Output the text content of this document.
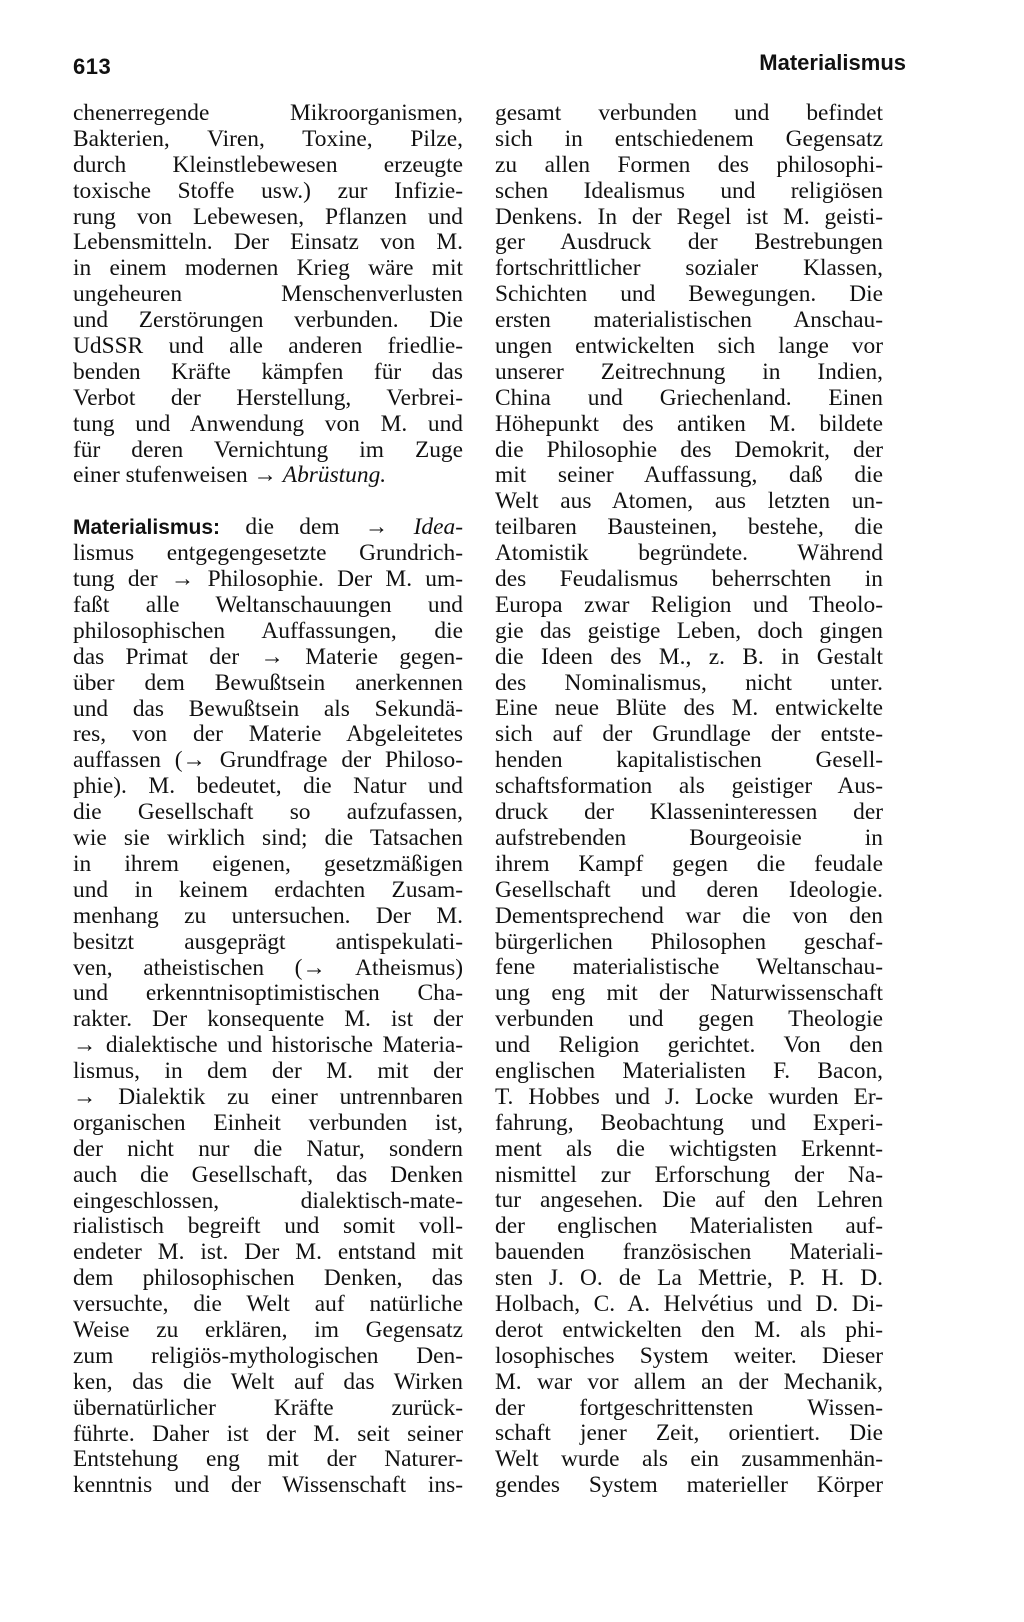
613	Materialismus
chenerregende Mikroorganismen,
Bakterien, Viren, Toxine, Pilze,
durch Kleinstlebewesen erzeugte
toxische Stoffe usw.) zur Infizie-
rung von Lebewesen, Pflanzen und
Lebensmitteln. Der Einsatz von M.
in einem modernen Krieg wäre mit
ungeheuren Menschenverlusten
und Zerstörungen verbunden. Die
UdSSR und alle anderen friedlie-
benden Kräfte kämpfen für das
Verbot der Herstellung, Verbrei-
tung und Anwendung von M. und
für deren Vernichtung im Zuge
einer stufenweisen → Abrüstung.
Materialismus: die dem → Idea-
lismus entgegengesetzte Grundrich-
tung der → Philosophie. Der M. um-
faßt alle Weltanschauungen und
philosophischen Auffassungen, die
das Primat der → Materie gegen-
über dem Bewußtsein anerkennen
und das Bewußtsein als Sekundä-
res, von der Materie Abgeleitetes
auffassen (→ Grundfrage der Philoso-
phie). M. bedeutet, die Natur und
die Gesellschaft so aufzufassen,
wie sie wirklich sind; die Tatsachen
in ihrem eigenen, gesetzmäßigen
und in keinem erdachten Zusam-
menhang zu untersuchen. Der M.
besitzt ausgeprägt antispekulati-
ven, atheistischen (→ Atheismus)
und erkenntnisoptimistischen Cha-
rakter. Der konsequente M. ist der
→ dialektische und historische Materia-
lismus, in dem der M. mit der
→ Dialektik zu einer untrennbaren
organischen Einheit verbunden ist,
der nicht nur die Natur, sondern
auch die Gesellschaft, das Denken
eingeschlossen, dialektisch-mate-
rialistisch begreift und somit voll-
endeter M. ist. Der M. entstand mit
dem philosophischen Denken, das
versuchte, die Welt auf natürliche
Weise zu erklären, im Gegensatz
zum religiös-mythologischen Den-
ken, das die Welt auf das Wirken
übernatürlicher Kräfte zurück-
führte. Daher ist der M. seit seiner
Entstehung eng mit der Naturer-
kenntnis und der Wissenschaft ins-
gesamt verbunden und befindet
sich in entschiedenem Gegensatz
zu allen Formen des philosophi-
schen Idealismus und religiösen
Denkens. In der Regel ist M. geisti-
ger Ausdruck der Bestrebungen
fortschrittlicher sozialer Klassen,
Schichten und Bewegungen. Die
ersten materialistischen Anschau-
ungen entwickelten sich lange vor
unserer Zeitrechnung in Indien,
China und Griechenland. Einen
Höhepunkt des antiken M. bildete
die Philosophie des Demokrit, der
mit seiner Auffassung, daß die
Welt aus Atomen, aus letzten un-
teilbaren Bausteinen, bestehe, die
Atomistik begründete. Während
des Feudalismus beherrschten in
Europa zwar Religion und Theolo-
gie das geistige Leben, doch gingen
die Ideen des M., z. B. in Gestalt
des Nominalismus, nicht unter.
Eine neue Blüte des M. entwickelte
sich auf der Grundlage der entste-
henden kapitalistischen Gesell-
schaftsformation als geistiger Aus-
druck der Klasseninteressen der
aufstrebenden Bourgeoisie in
ihrem Kampf gegen die feudale
Gesellschaft und deren Ideologie.
Dementsprechend war die von den
bürgerlichen Philosophen geschaf-
fene materialistische Weltanschau-
ung eng mit der Naturwissenschaft
verbunden und gegen Theologie
und Religion gerichtet. Von den
englischen Materialisten F. Bacon,
T. Hobbes und J. Locke wurden Er-
fahrung, Beobachtung und Experi-
ment als die wichtigsten Erkennt-
nismittel zur Erforschung der Na-
tur angesehen. Die auf den Lehren
der englischen Materialisten auf-
bauenden französischen Materiali-
sten J. O. de La Mettrie, P. H. D.
Holbach, C. A. Helvétius und D. Di-
derot entwickelten den M. als phi-
losophisches System weiter. Dieser
M. war vor allem an der Mechanik,
der fortgeschrittensten Wissen-
schaft jener Zeit, orientiert. Die
Welt wurde als ein zusammenhän-
gendes System materieller Körper
